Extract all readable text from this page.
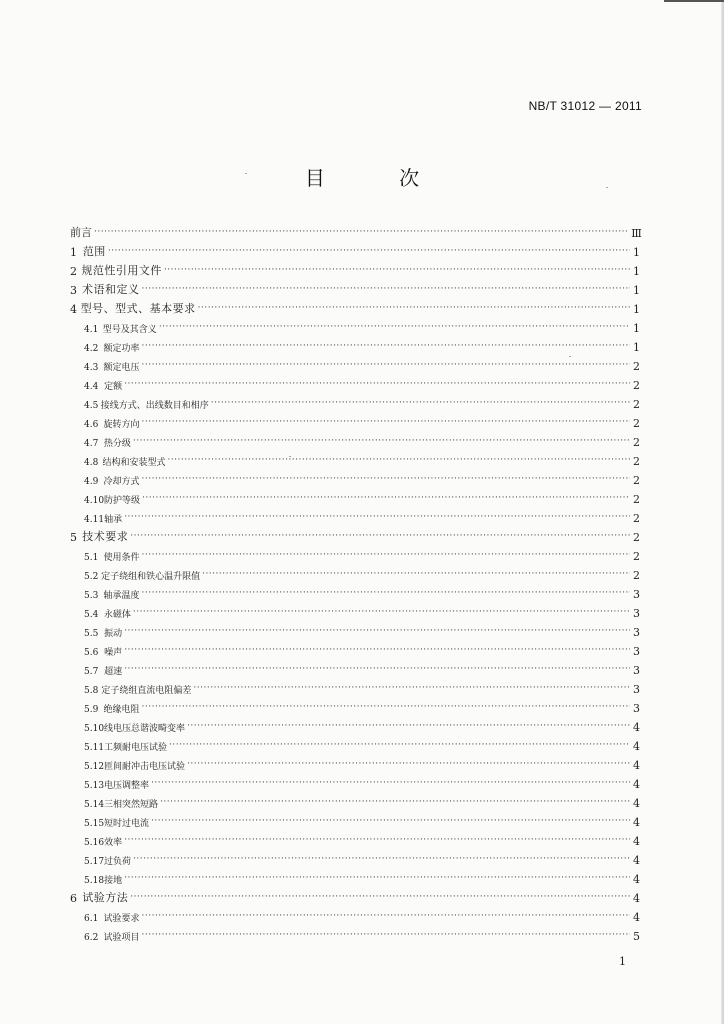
NB/T 31012 — 2011
目 次
前言 ·····	Ⅲ
1 范围 ·····	1
2 规范性引用文件 ·····	1
3 术语和定义 ·····	1
4 型号、型式、基本要求 ·····	1
4.1 型号及其含义 ·····	1
4.2 额定功率 ·····	1
4.3 额定电压 ·····	2
4.4 定额 ·····	2
4.5 接线方式、出线数目和相序 ·····	2
4.6 旋转方向 ·····	2
4.7 热分级 ·····	2
4.8 结构和安装型式 ·····	2
4.9 冷却方式 ·····	2
4.10 防护等级 ·····	2
4.11 轴承 ·····	2
5 技术要求 ·····	2
5.1 使用条件 ·····	2
5.2 定子绕组和铁心温升限值 ·····	2
5.3 轴承温度 ·····	3
5.4 永磁体 ·····	3
5.5 振动 ·····	3
5.6 噪声 ·····	3
5.7 超速 ·····	3
5.8 定子绕组直流电阻偏差 ·····	3
5.9 绝缘电阻 ·····	3
5.10 线电压总谐波畸变率 ·····	4
5.11 工频耐电压试验 ·····	4
5.12 匝间耐冲击电压试验 ·····	4
5.13 电压调整率 ·····	4
5.14 三相突然短路 ·····	4
5.15 短时过电流 ·····	4
5.16 效率 ·····	4
5.17 过负荷 ·····	4
5.18 接地 ·····	4
6 试验方法 ·····	4
6.1 试验要求 ·····	4
6.2 试验项目 ·····	5
1
